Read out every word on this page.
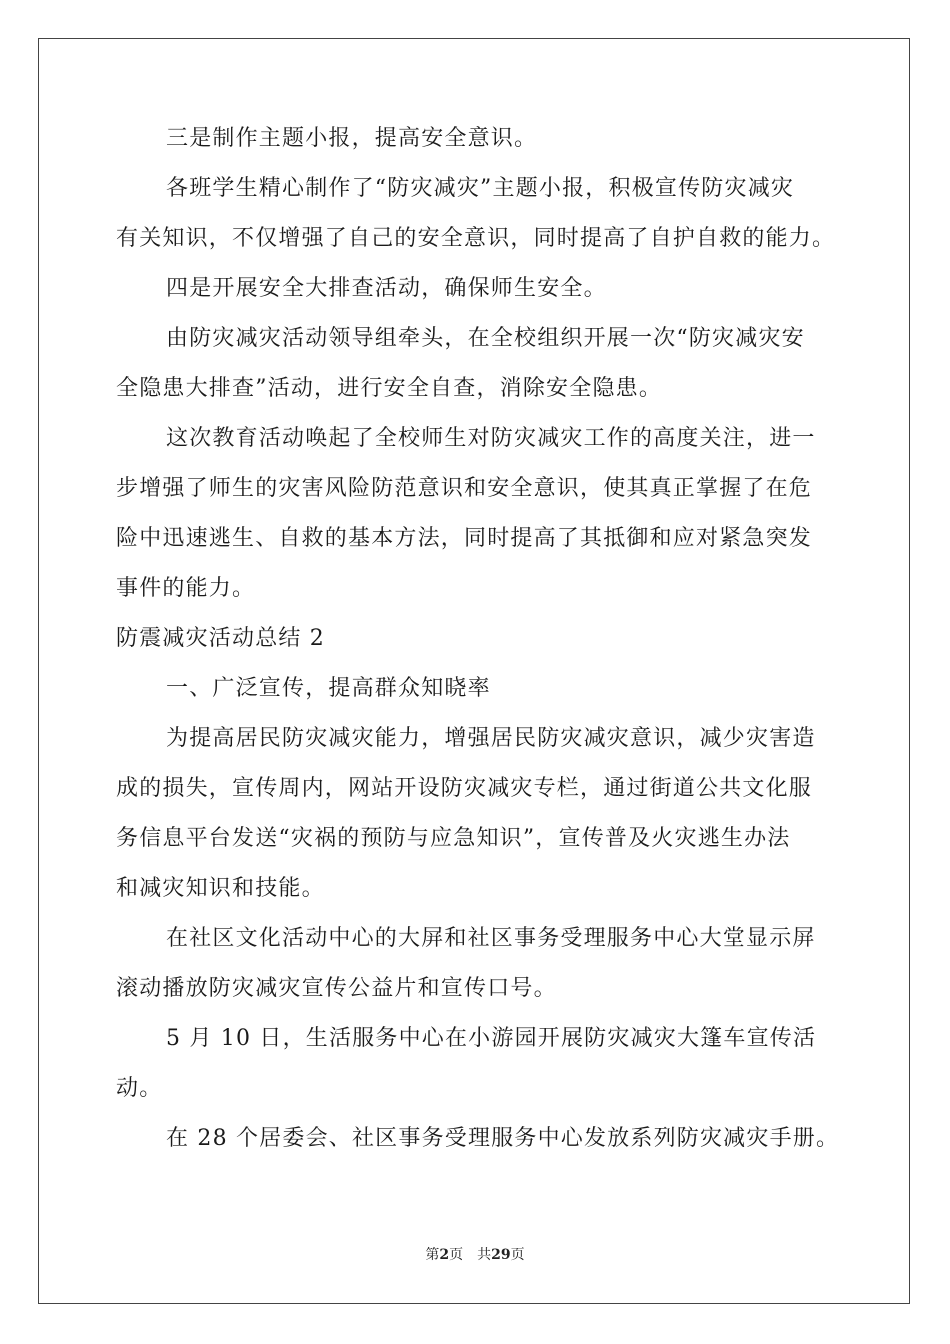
三是制作主题小报，提高安全意识。
各班学生精心制作了“防灾减灾”主题小报，积极宣传防灾减灾
有关知识，不仅增强了自己的安全意识，同时提高了自护自救的能力。
四是开展安全大排查活动，确保师生安全。
由防灾减灾活动领导组牵头，在全校组织开展一次“防灾减灾安
全隐患大排查”活动，进行安全自查，消除安全隐患。
这次教育活动唤起了全校师生对防灾减灾工作的高度关注，进一
步增强了师生的灾害风险防范意识和安全意识，使其真正掌握了在危
险中迅速逃生、自救的基本方法，同时提高了其抵御和应对紧急突发
事件的能力。
防震减灾活动总结 2
一、广泛宣传，提高群众知晓率
为提高居民防灾减灾能力，增强居民防灾减灾意识，减少灾害造
成的损失，宣传周内，网站开设防灾减灾专栏，通过街道公共文化服
务信息平台发送“灾祸的预防与应急知识”，宣传普及火灾逃生办法
和减灾知识和技能。
在社区文化活动中心的大屏和社区事务受理服务中心大堂显示屏
滚动播放防灾减灾宣传公益片和宣传口号。
5 月 10 日，生活服务中心在小游园开展防灾减灾大篷车宣传活
动。
在 28 个居委会、社区事务受理服务中心发放系列防灾减灾手册。
第2页 共29页
